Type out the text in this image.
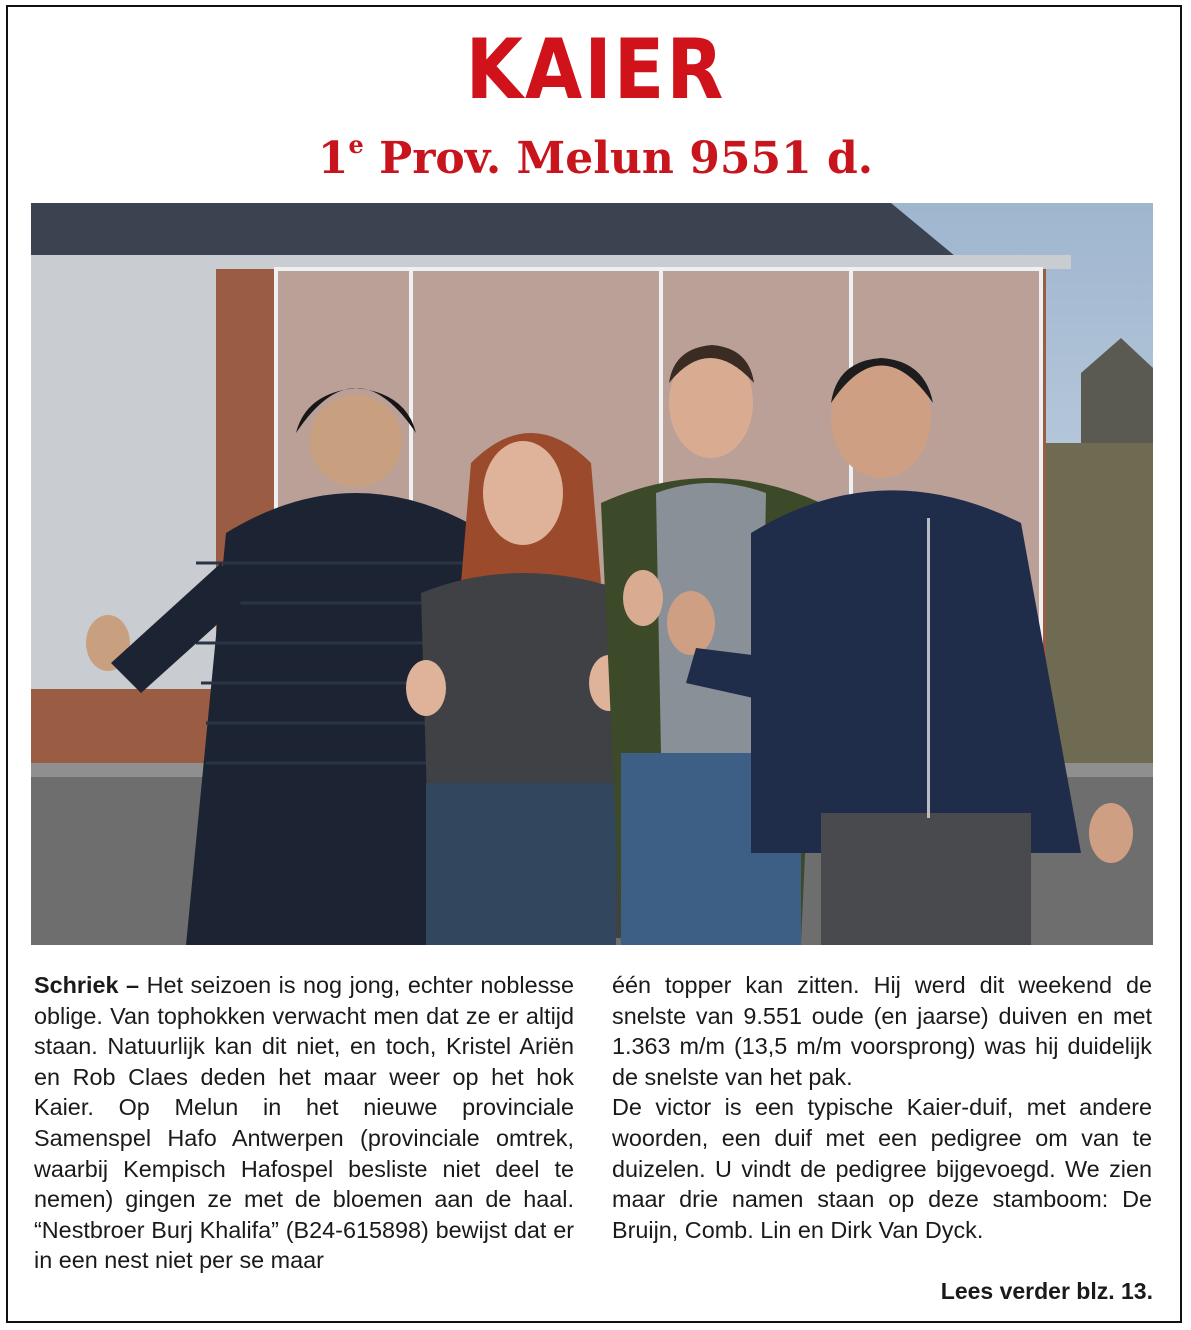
KAIER
1e Prov. Melun 9551 d.

Schriek – Het seizoen is nog jong, echter noblesse oblige. Van tophokken verwacht men dat ze er altijd staan. Natuurlijk kan dit niet, en toch, Kristel Ariën en Rob Claes deden het maar weer op het hok Kaier. Op Melun in het nieuwe provinciale Samenspel Hafo Antwerpen (provinciale omtrek, waarbij Kempisch Hafospel besliste niet deel te nemen) gingen ze met de bloemen aan de haal. “Nestbroer Burj Khalifa” (B24-615898) bewijst dat er in een nest niet per se maar

één topper kan zitten. Hij werd dit weekend de snelste van 9.551 oude (en jaarse) duiven en met 1.363 m/m (13,5 m/m voorsprong) was hij duidelijk de snelste van het pak.

De victor is een typische Kaier-duif, met andere woorden, een duif met een pedigree om van te duizelen. U vindt de pedigree bijgevoegd. We zien maar drie namen staan op deze stamboom: De Bruijn, Comb. Lin en Dirk Van Dyck.

Lees verder blz. 13.
